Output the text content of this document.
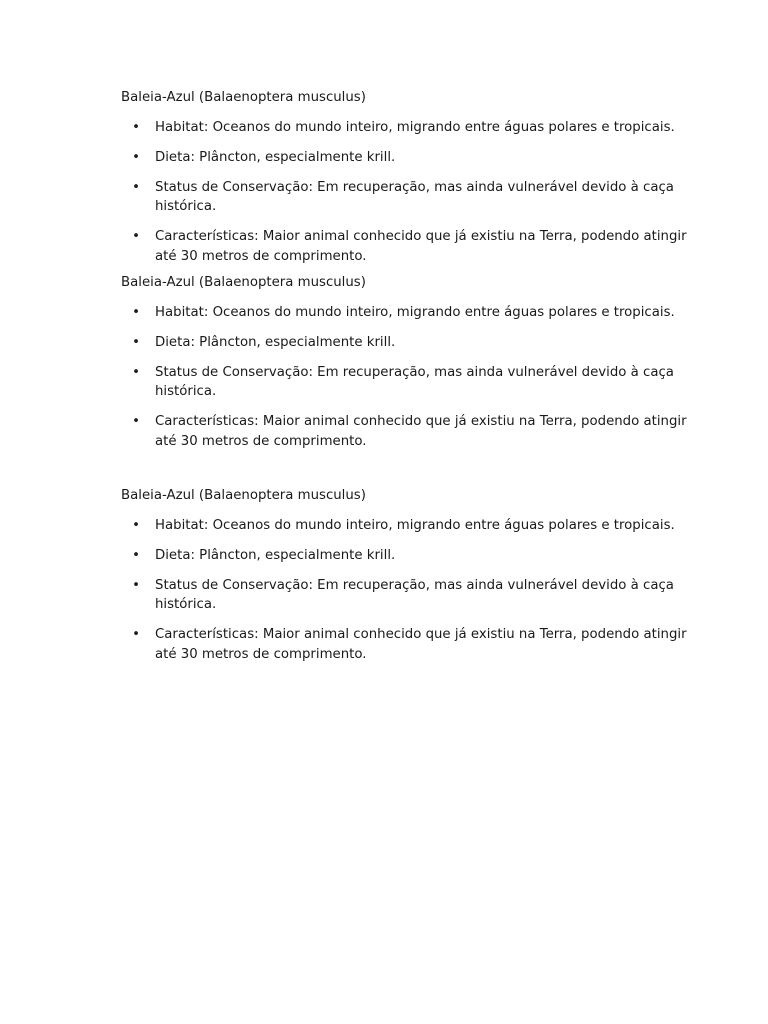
Baleia-Azul (Balaenoptera musculus)

• Habitat: Oceanos do mundo inteiro, migrando entre águas polares e tropicais.
• Dieta: Plâncton, especialmente krill.
• Status de Conservação: Em recuperação, mas ainda vulnerável devido à caça histórica.
• Características: Maior animal conhecido que já existiu na Terra, podendo atingir até 30 metros de comprimento.

Baleia-Azul (Balaenoptera musculus)

• Habitat: Oceanos do mundo inteiro, migrando entre águas polares e tropicais.
• Dieta: Plâncton, especialmente krill.
• Status de Conservação: Em recuperação, mas ainda vulnerável devido à caça histórica.
• Características: Maior animal conhecido que já existiu na Terra, podendo atingir até 30 metros de comprimento.

Baleia-Azul (Balaenoptera musculus)

• Habitat: Oceanos do mundo inteiro, migrando entre águas polares e tropicais.
• Dieta: Plâncton, especialmente krill.
• Status de Conservação: Em recuperação, mas ainda vulnerável devido à caça histórica.
• Características: Maior animal conhecido que já existiu na Terra, podendo atingir até 30 metros de comprimento.
